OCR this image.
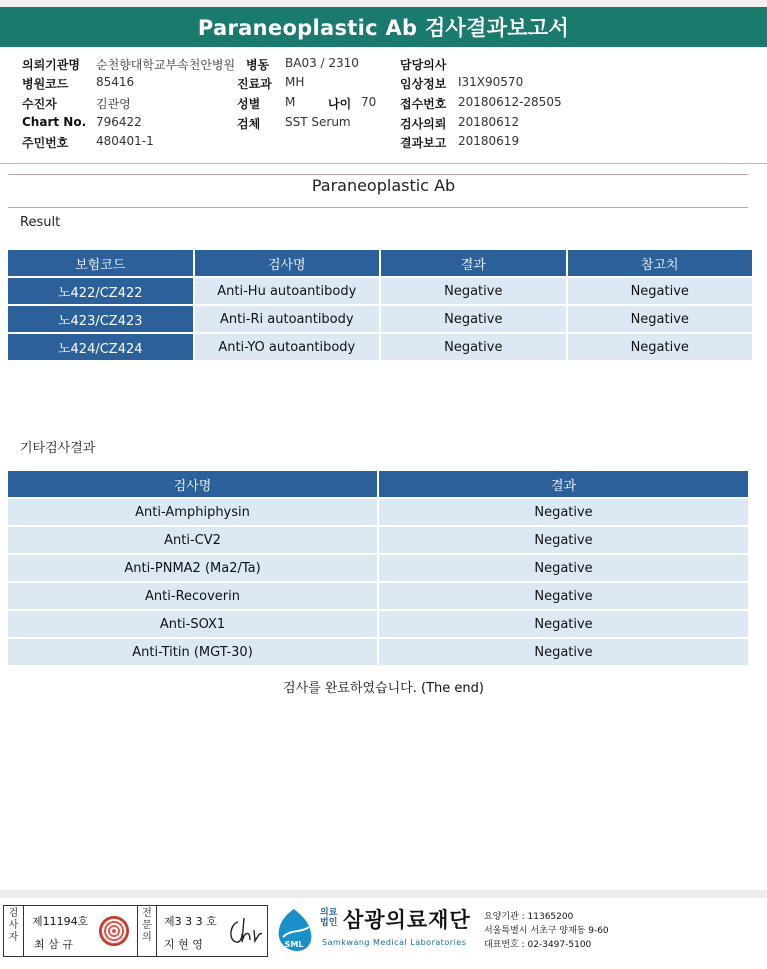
Paraneoplastic Ab 검사결과보고서
의뢰기관명 순천향대학교부속천안병원 병동 BA03 / 2310	담당의사
병원코드 85416	진료과 MH	임상정보 I31X90570
수진자	김관영	성별 M	나이 70 접수번호 20180612-28505
Chart No. 796422	검체 SST Serum	검사의뢰 20180612
주민번호 480401-1	결과보고 20180619
Paraneoplastic Ab
Result
보험코드	검사명	결과	참고치
노422/CZ422	Anti-Hu autoantibody	Negative	Negative
노423/CZ423	Anti-Ri autoantibody	Negative	Negative
노424/CZ424	Anti-YO autoantibody	Negative	Negative
기타검사결과
검사명	결과
Anti-Amphiphysin	Negative
Anti-CV2	Negative
Anti-PNMA2 (Ma2/Ta)	Negative
Anti-Recoverin	Negative
Anti-SOX1	Negative
Anti-Titin (MGT-30)	Negative
검사를 완료하였습니다. (The end)
검사자
제11194호
최 삼 규
전문의
제3 3 3 호
지 현 영	SML
의료
법인 삼광의료재단
Samkwang Medical Laboratories
요양기관 : 11365200
서울특별시 서초구 양재동 9-60
대표번호 : 02-3497-5100
